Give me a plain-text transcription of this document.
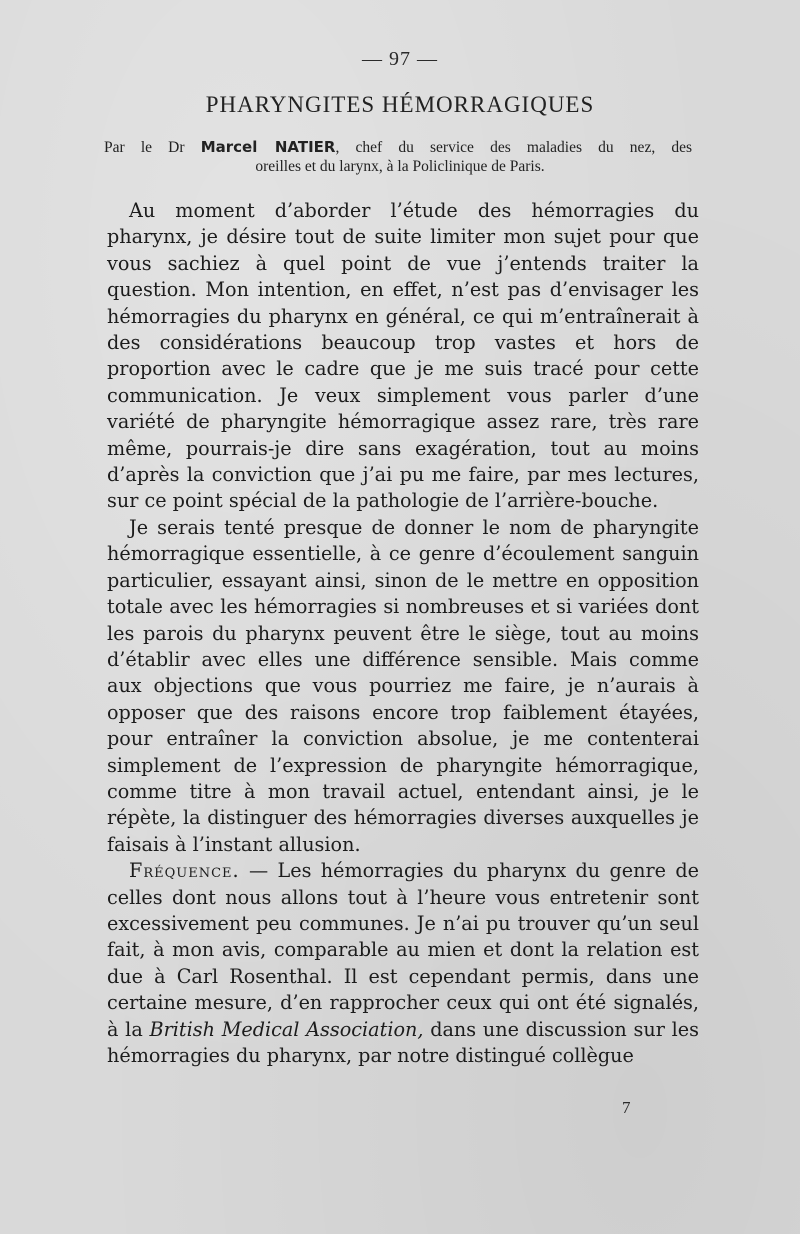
— 97 —
PHARYNGITES HÉMORRAGIQUES
Par le Dr Marcel NATIER, chef du service des maladies du nez, des
oreilles et du larynx, à la Policlinique de Paris.

Au moment d’aborder l’étude des hémorragies du pharynx, je désire tout de suite limiter mon sujet pour que vous sachiez à quel point de vue j’entends traiter la question. Mon intention, en effet, n’est pas d’envisager les hémorragies du pharynx en général, ce qui m’entraînerait à des considérations beaucoup trop vastes et hors de proportion avec le cadre que je me suis tracé pour cette communication. Je veux simplement vous parler d’une variété de pharyngite hémorragique assez rare, très rare même, pourrais-je dire sans exagération, tout au moins d’après la conviction que j’ai pu me faire, par mes lectures, sur ce point spécial de la pathologie de l’arrière-bouche.

Je serais tenté presque de donner le nom de pharyngite hémorragique essentielle, à ce genre d’écoulement sanguin particulier, essayant ainsi, sinon de le mettre en opposition totale avec les hémorragies si nombreuses et si variées dont les parois du pharynx peuvent être le siège, tout au moins d’établir avec elles une différence sensible. Mais comme aux objections que vous pourriez me faire, je n’aurais à opposer que des raisons encore trop faiblement étayées, pour entraîner la conviction absolue, je me contenterai simplement de l’expression de pharyngite hémorragique, comme titre à mon travail actuel, entendant ainsi, je le répète, la distinguer des hémorragies diverses auxquelles je faisais à l’instant allusion.

Fréquence. — Les hémorragies du pharynx du genre de celles dont nous allons tout à l’heure vous entretenir sont excessivement peu communes. Je n’ai pu trouver qu’un seul fait, à mon avis, comparable au mien et dont la relation est due à Carl Rosenthal. Il est cependant permis, dans une certaine mesure, d’en rapprocher ceux qui ont été signalés, à la British Medical Association, dans une discussion sur les hémorragies du pharynx, par notre distingué collègue

7
